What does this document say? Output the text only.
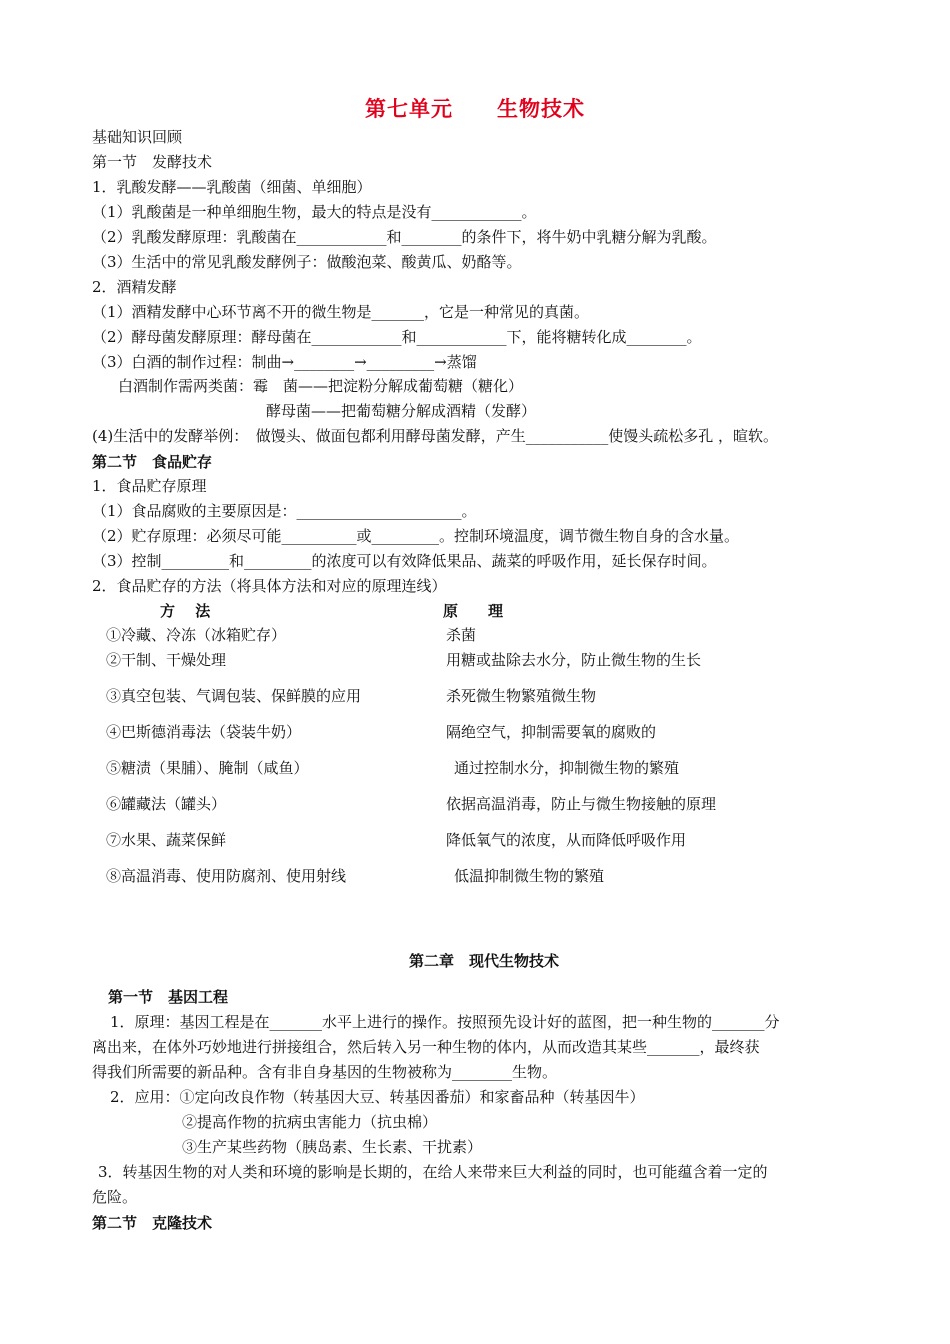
第七单元 生物技术
基础知识回顾
第一节　发酵技术
1．乳酸发酵——乳酸菌（细菌、单细胞）
（1）乳酸菌是一种单细胞生物，最大的特点是没有____________。
（2）乳酸发酵原理：乳酸菌在____________和________的条件下，将牛奶中乳糖分解为乳酸。
（3）生活中的常见乳酸发酵例子：做酸泡菜、酸黄瓜、奶酪等。
2．酒精发酵
（1）酒精发酵中心环节离不开的微生物是_______，它是一种常见的真菌。
（2）酵母菌发酵原理：酵母菌在____________和____________下，能将糖转化成________。
（3）白酒的制作过程：制曲→________→_________→蒸馏
白酒制作需两类菌：霉　菌——把淀粉分解成葡萄糖（糖化）
酵母菌——把葡萄糖分解成酒精（发酵）
(4)生活中的发酵举例：　做馒头、做面包都利用酵母菌发酵，产生___________使馒头疏松多孔 ，暄软。
第二节　食品贮存
1．食品贮存原理
（1）食品腐败的主要原因是：______________________。
（2）贮存原理：必须尽可能__________或_________。控制环境温度，调节微生物自身的含水量。
（3）控制_________和_________的浓度可以有效降低果品、蔬菜的呼吸作用，延长保存时间。
2．食品贮存的方法（将具体方法和对应的原理连线）
方　 法	原　　理
①冷藏、冷冻（冰箱贮存）
②干制、干燥处理
③真空包装、气调包装、保鲜膜的应用
④巴斯德消毒法（袋装牛奶）
⑤糖渍（果脯）、腌制（咸鱼）
⑥罐藏法（罐头）
⑦水果、蔬菜保鲜
⑧高温消毒、使用防腐剂、使用射线
杀菌
用糖或盐除去水分，防止微生物的生长
杀死微生物繁殖微生物
隔绝空气，抑制需要氧的腐败的
通过控制水分，抑制微生物的繁殖
依据高温消毒，防止与微生物接触的原理
降低氧气的浓度，从而降低呼吸作用
低温抑制微生物的繁殖
第二章　现代生物技术
第一节　基因工程
1．原理：基因工程是在_______水平上进行的操作。按照预先设计好的蓝图，把一种生物的_______分
离出来，在体外巧妙地进行拼接组合，然后转入另一种生物的体内，从而改造其某些_______，最终获
得我们所需要的新品种。含有非自身基因的生物被称为________生物。
2．应用：①定向改良作物（转基因大豆、转基因番茄）和家畜品种（转基因牛）
②提高作物的抗病虫害能力（抗虫棉）
③生产某些药物（胰岛素、生长素、干扰素）
3．转基因生物的对人类和环境的影响是长期的，在给人来带来巨大利益的同时，也可能蕴含着一定的
危险。
第二节　克隆技术
